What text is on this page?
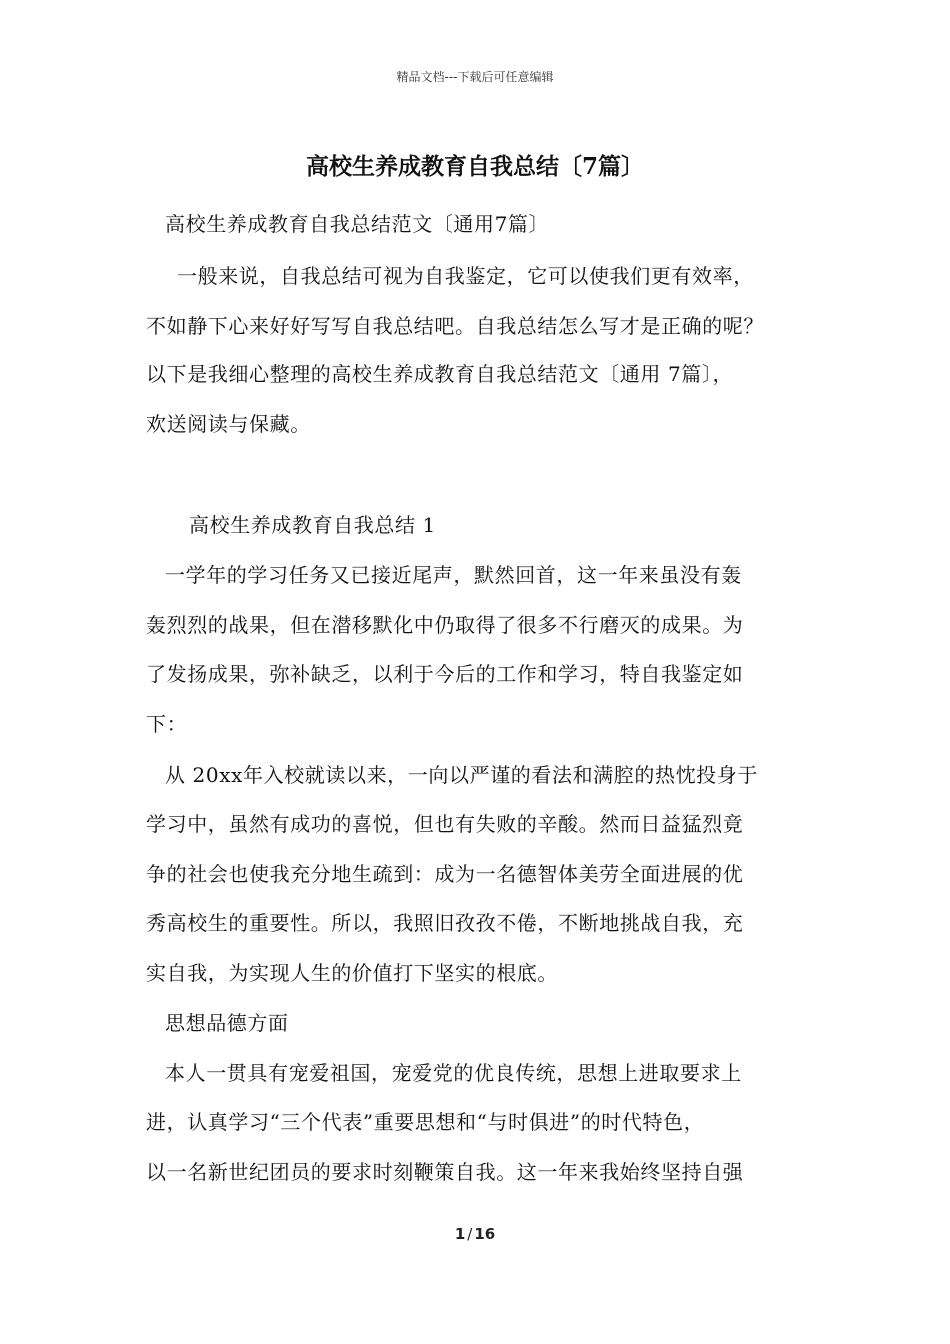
精品文档---下载后可任意编辑
高校生养成教育自我总结〔7篇〕
高校生养成教育自我总结范文〔通用7篇〕
一般来说，自我总结可视为自我鉴定，它可以使我们更有效率，
不如静下心来好好写写自我总结吧。自我总结怎么写才是正确的呢？
以下是我细心整理的高校生养成教育自我总结范文〔通用 7篇〕，
欢送阅读与保藏。
高校生养成教育自我总结 1
一学年的学习任务又已接近尾声，默然回首，这一年来虽没有轰
轰烈烈的战果，但在潜移默化中仍取得了很多不行磨灭的成果。为
了发扬成果，弥补缺乏，以利于今后的工作和学习，特自我鉴定如
下：
从 20xx年入校就读以来，一向以严谨的看法和满腔的热忱投身于
学习中，虽然有成功的喜悦，但也有失败的辛酸。然而日益猛烈竟
争的社会也使我充分地生疏到：成为一名德智体美劳全面进展的优
秀高校生的重要性。所以，我照旧孜孜不倦，不断地挑战自我，充
实自我，为实现人生的价值打下坚实的根底。
思想品德方面
本人一贯具有宠爱祖国，宠爱党的优良传统，思想上进取要求上
进，认真学习“三个代表”重要思想和“与时俱进”的时代特色，
以一名新世纪团员的要求时刻鞭策自我。这一年来我始终坚持自强
1 / 16
